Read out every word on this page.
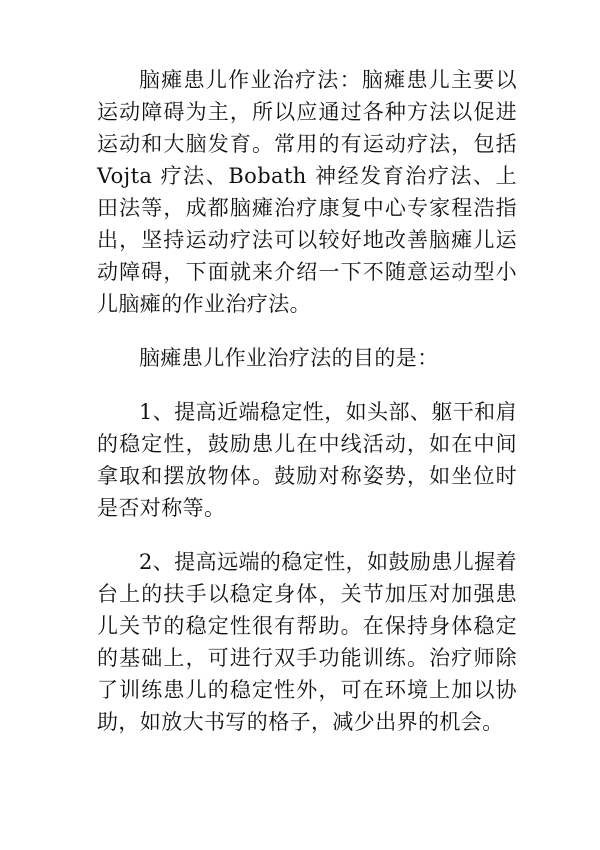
脑瘫患儿作业治疗法：脑瘫患儿主要以运动障碍为主，所以应通过各种方法以促进运动和大脑发育。常用的有运动疗法，包括 Vojta 疗法、Bobath 神经发育治疗法、上田法等，成都脑瘫治疗康复中心专家程浩指出，坚持运动疗法可以较好地改善脑瘫儿运动障碍，下面就来介绍一下不随意运动型小儿脑瘫的作业治疗法。

脑瘫患儿作业治疗法的目的是：

1、提高近端稳定性，如头部、躯干和肩的稳定性，鼓励患儿在中线活动，如在中间拿取和摆放物体。鼓励对称姿势，如坐位时是否对称等。

2、提高远端的稳定性，如鼓励患儿握着台上的扶手以稳定身体，关节加压对加强患儿关节的稳定性很有帮助。在保持身体稳定的基础上，可进行双手功能训练。治疗师除了训练患儿的稳定性外，可在环境上加以协助，如放大书写的格子，减少出界的机会。
